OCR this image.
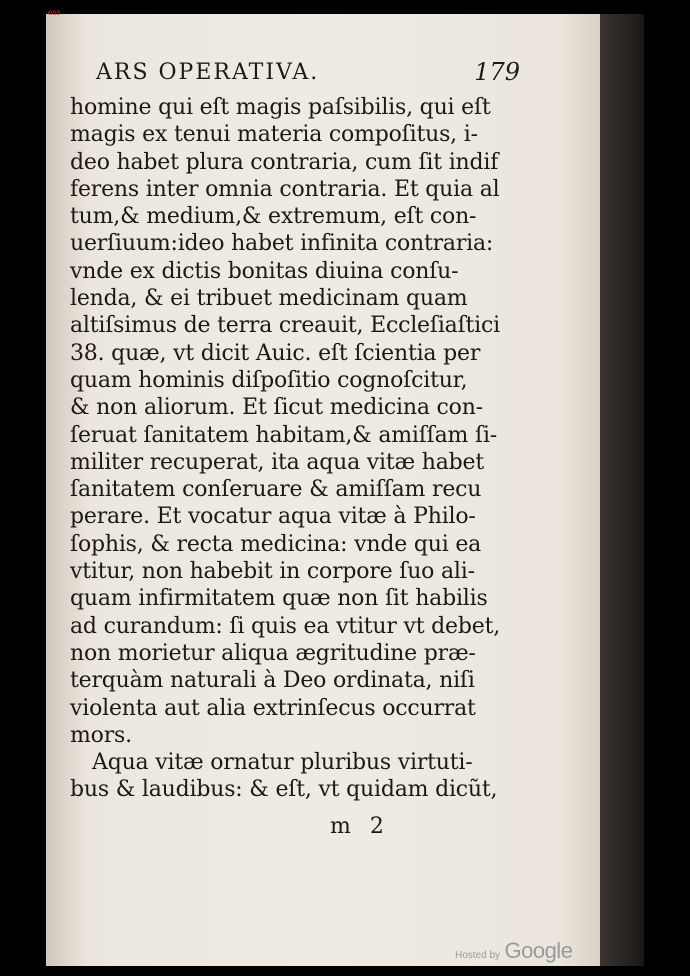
ess
ARS OPERATIVA.	179
homine qui eſt magis paſsibilis, qui eſt
magis ex tenui materia compoſitus, i-
deo habet plura contraria, cum ſit indif
ferens inter omnia contraria. Et quia al
tum,& medium,& extremum, eſt con-
uerſiuum:ideo habet infinita contraria:
vnde ex dictis bonitas diuina conſu-
lenda, & ei tribuet medicinam quam
altiſsimus de terra creauit, Eccleſiaſtici
38. quæ, vt dicit Auic. eſt ſcientia per
quam hominis diſpoſitio cognoſcitur,
& non aliorum. Et ſicut medicina con-
ſeruat ſanitatem habitam,& amiſſam ſi-
militer recuperat, ita aqua vitæ habet
ſanitatem conſeruare & amiſſam recu
perare. Et vocatur aqua vitæ à Philo-
ſophis, & recta medicina: vnde qui ea
vtitur, non habebit in corpore ſuo ali-
quam infirmitatem quæ non ſit habilis
ad curandum: ſi quis ea vtitur vt debet,
non morietur aliqua ægritudine præ-
terquàm naturali à Deo ordinata, niſi
violenta aut alia extrinſecus occurrat
mors.
Aqua vitæ ornatur pluribus virtuti-
bus & laudibus: & eſt, vt quidam dicũt,
m 2
Hosted by Google
